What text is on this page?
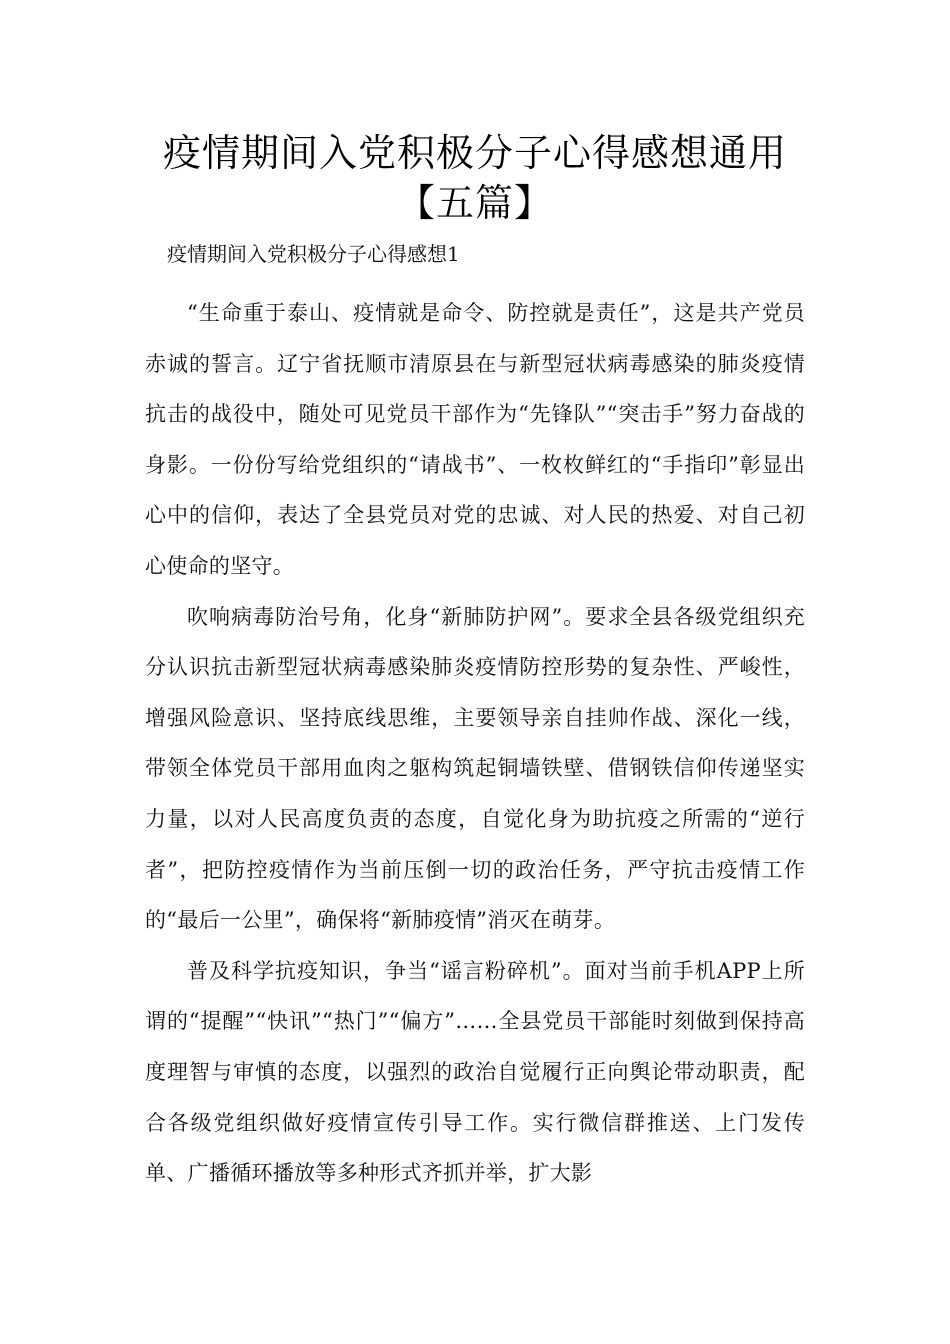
疫情期间入党积极分子心得感想通用
【五篇】
疫情期间入党积极分子心得感想1

“生命重于泰山、疫情就是命令、防控就是责任”，这是共产党员赤诚的誓言。辽宁省抚顺市清原县在与新型冠状病毒感染的肺炎疫情抗击的战役中，随处可见党员干部作为“先锋队”“突击手”努力奋战的身影。一份份写给党组织的“请战书”、一枚枚鲜红的“手指印”彰显出心中的信仰，表达了全县党员对党的忠诚、对人民的热爱、对自己初心使命的坚守。

吹响病毒防治号角，化身“新肺防护网”。要求全县各级党组织充分认识抗击新型冠状病毒感染肺炎疫情防控形势的复杂性、严峻性，增强风险意识、坚持底线思维，主要领导亲自挂帅作战、深化一线，带领全体党员干部用血肉之躯构筑起铜墙铁壁、借钢铁信仰传递坚实力量，以对人民高度负责的态度，自觉化身为助抗疫之所需的“逆行者”，把防控疫情作为当前压倒一切的政治任务，严守抗击疫情工作的“最后一公里”，确保将“新肺疫情”消灭在萌芽。

普及科学抗疫知识，争当“谣言粉碎机”。面对当前手机APP上所谓的“提醒”“快讯”“热门”“偏方”……全县党员干部能时刻做到保持高度理智与审慎的态度，以强烈的政治自觉履行正向舆论带动职责，配合各级党组织做好疫情宣传引导工作。实行微信群推送、上门发传单、广播循环播放等多种形式齐抓并举，扩大影
